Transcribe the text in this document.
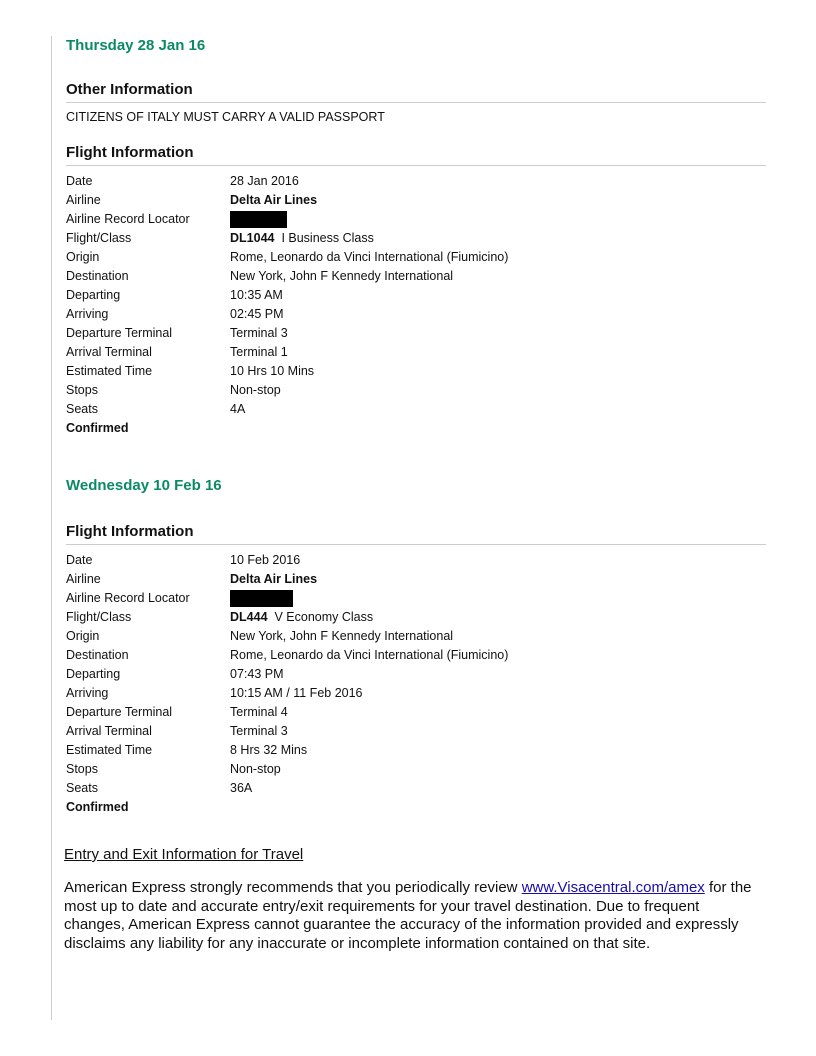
Thursday 28 Jan 16
Other Information
CITIZENS OF ITALY MUST CARRY A VALID PASSPORT
Flight Information
Date	28 Jan 2016
Airline	Delta Air Lines
Airline Record Locator
Flight/Class	DL1044 I Business Class
Origin	Rome, Leonardo da Vinci International (Fiumicino)
Destination	New York, John F Kennedy International
Departing	10:35 AM
Arriving	02:45 PM
Departure Terminal	Terminal 3
Arrival Terminal	Terminal 1
Estimated Time	10 Hrs 10 Mins
Stops	Non-stop
Seats	4A
Confirmed
Wednesday 10 Feb 16
Flight Information
Date	10 Feb 2016
Airline	Delta Air Lines
Airline Record Locator
Flight/Class	DL444 V Economy Class
Origin	New York, John F Kennedy International
Destination	Rome, Leonardo da Vinci International (Fiumicino)
Departing	07:43 PM
Arriving	10:15 AM / 11 Feb 2016
Departure Terminal	Terminal 4
Arrival Terminal	Terminal 3
Estimated Time	8 Hrs 32 Mins
Stops	Non-stop
Seats	36A
Confirmed
Entry and Exit Information for Travel
American Express strongly recommends that you periodically review www.Visacentral.com/amex for the most up to date and accurate entry/exit requirements for your travel destination. Due to frequent changes, American Express cannot guarantee the accuracy of the information provided and expressly disclaims any liability for any inaccurate or incomplete information contained on that site.
